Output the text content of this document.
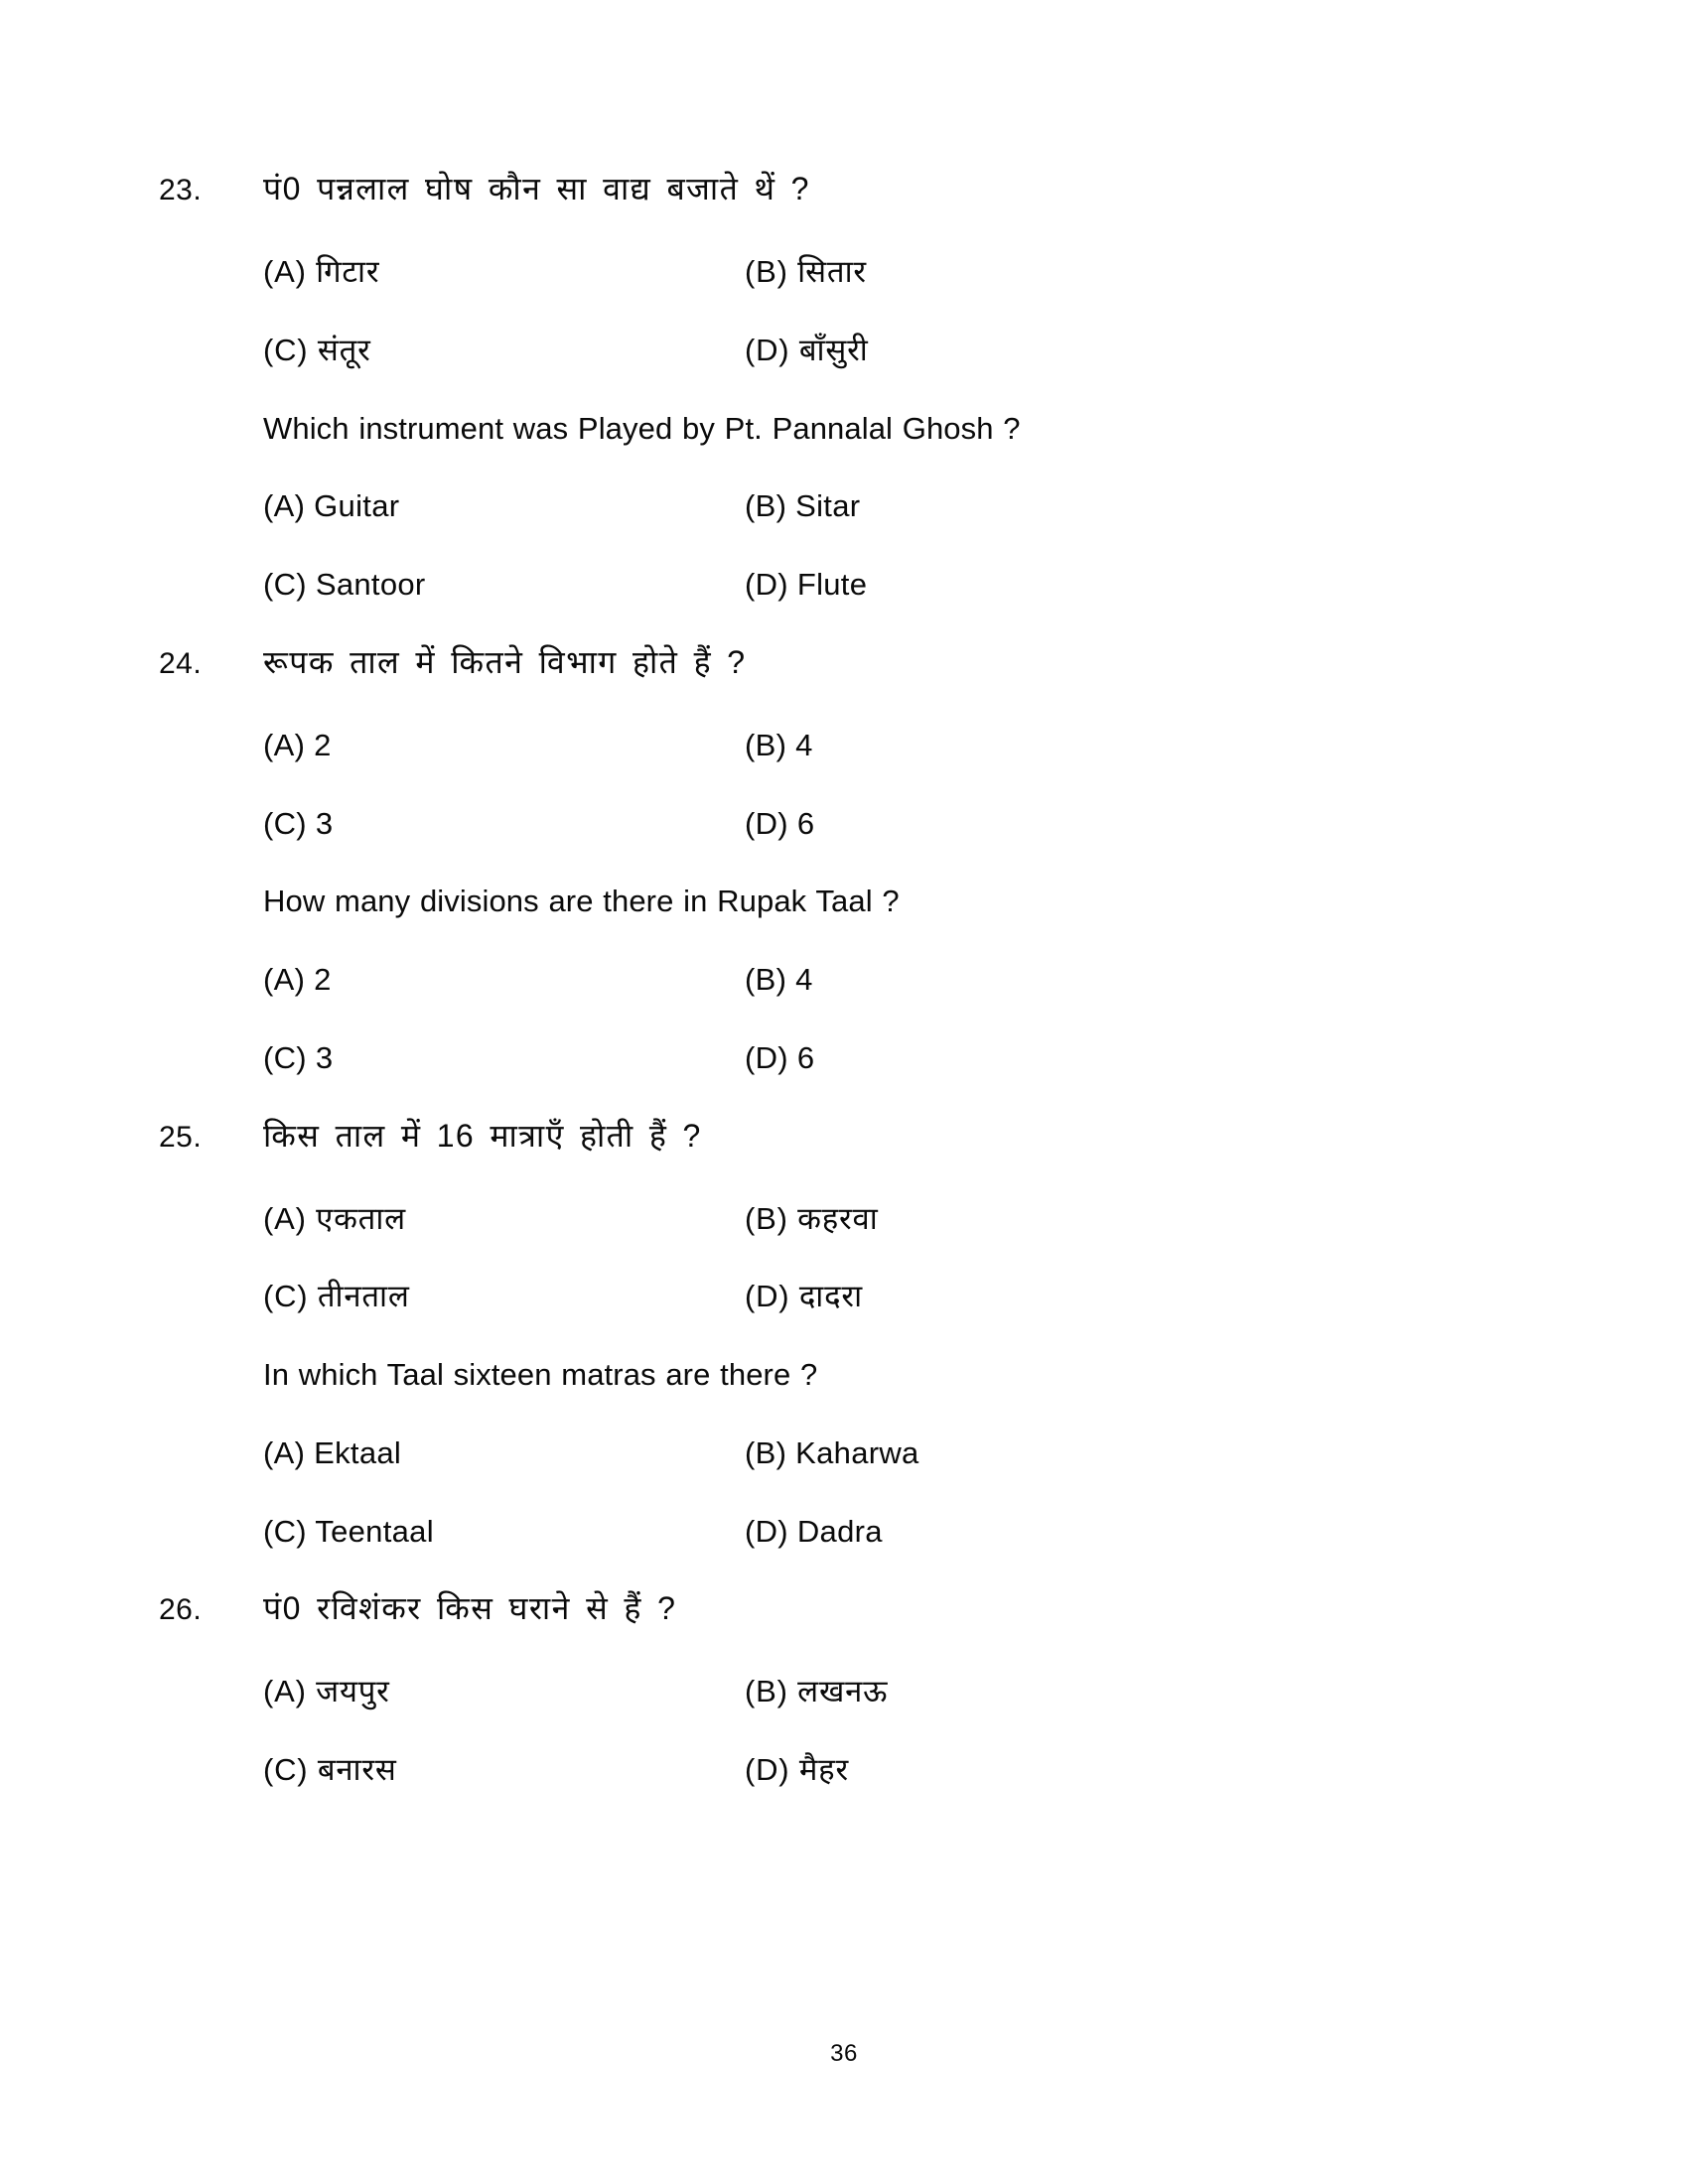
23.	पं0 पन्नलाल घोष कौन सा वाद्य बजाते थें ?
(A) गिटार	(B) सितार
(C) संतूर	(D) बाँसुरी
Which instrument was Played by Pt. Pannalal Ghosh ?
(A) Guitar	(B) Sitar
(C) Santoor	(D) Flute
24.	रूपक ताल में कितने विभाग होते हैं ?
(A) 2	(B) 4
(C) 3	(D) 6
How many divisions are there in Rupak Taal ?
(A) 2	(B) 4
(C) 3	(D) 6
25.	किस ताल में 16 मात्राएँ होती हैं ?
(A) एकताल	(B) कहरवा
(C) तीनताल	(D) दादरा
In which Taal sixteen matras are there ?
(A) Ektaal	(B) Kaharwa
(C) Teentaal	(D) Dadra
26.	पं0 रविशंकर किस घराने से हैं ?
(A) जयपुर	(B) लखनऊ
(C) बनारस	(D) मैहर
36
